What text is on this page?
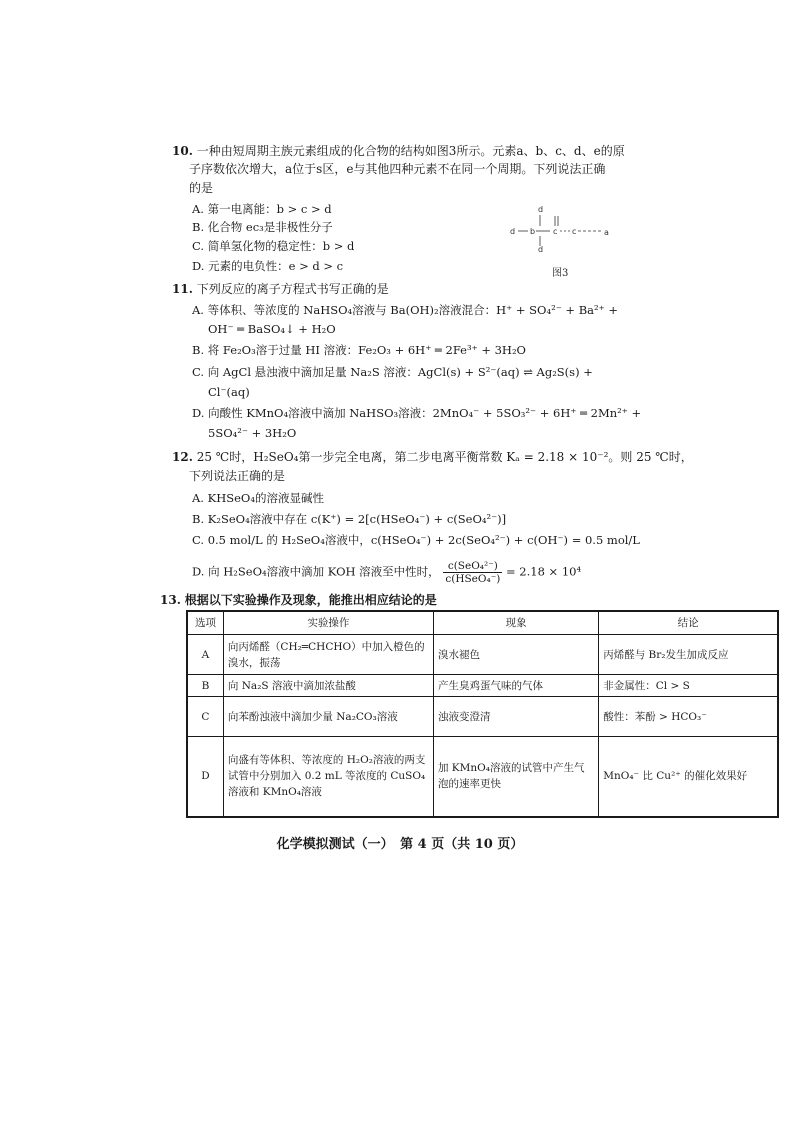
10. 一种由短周期主族元素组成的化合物的结构如图3所示。元素a、b、c、d、e的原
子序数依次增大，a位于s区，e与其他四种元素不在同一个周期。下列说法正确
的是
A. 第一电离能：b > c > d
B. 化合物 ec₃是非极性分子
C. 简单氢化物的稳定性：b > d
D. 元素的电负性：e > d > c
d
d
d b c c	a
图3
11. 下列反应的离子方程式书写正确的是
A. 等体积、等浓度的 NaHSO₄溶液与 Ba(OH)₂溶液混合：H⁺ + SO₄²⁻ + Ba²⁺ +
OH⁻ ═ BaSO₄↓ + H₂O
B. 将 Fe₂O₃溶于过量 HI 溶液：Fe₂O₃ + 6H⁺ ═ 2Fe³⁺ + 3H₂O
C. 向 AgCl 悬浊液中滴加足量 Na₂S 溶液：AgCl(s) + S²⁻(aq) ⇌ Ag₂S(s) +
Cl⁻(aq)
D. 向酸性 KMnO₄溶液中滴加 NaHSO₃溶液：2MnO₄⁻ + 5SO₃²⁻ + 6H⁺ ═ 2Mn²⁺ +
5SO₄²⁻ + 3H₂O
12. 25 ℃时，H₂SeO₄第一步完全电离，第二步电离平衡常数 Kₐ = 2.18 × 10⁻²。则 25 ℃时，
下列说法正确的是
A. KHSeO₄的溶液显碱性
B. K₂SeO₄溶液中存在 c(K⁺) = 2[c(HSeO₄⁻) + c(SeO₄²⁻)]
C. 0.5 mol/L 的 H₂SeO₄溶液中，c(HSeO₄⁻) + 2c(SeO₄²⁻) + c(OH⁻) = 0.5 mol/L
D. 向 H₂SeO₄溶液中滴加 KOH 溶液至中性时， $\frac{\text{c(SeO₄²⁻)}}{\text{c(HSeO₄⁻)}} = 2.18 \times 10^4$
13. 根据以下实验操作及现象，能推出相应结论的是
选项	实验操作	现象	结论
A	向丙烯醛（CH₂═CHCHO）中加入橙色的溴水，振荡	溴水褪色	丙烯醛与 Br₂发生加成反应
B	向 Na₂S 溶液中滴加浓盐酸	产生臭鸡蛋气味的气体	非金属性：Cl > S
C	向苯酚浊液中滴加少量 Na₂CO₃溶液	浊液变澄清	酸性：苯酚 > HCO₃⁻
D	向盛有等体积、等浓度的 H₂O₂溶液的两支试管中分别加入 0.2 mL 等浓度的 CuSO₄溶液和 KMnO₄溶液	加 KMnO₄溶液的试管中产生气泡的速率更快	MnO₄⁻ 比 Cu²⁺ 的催化效果好
化学模拟测试（一）　第 4 页（共 10 页）
